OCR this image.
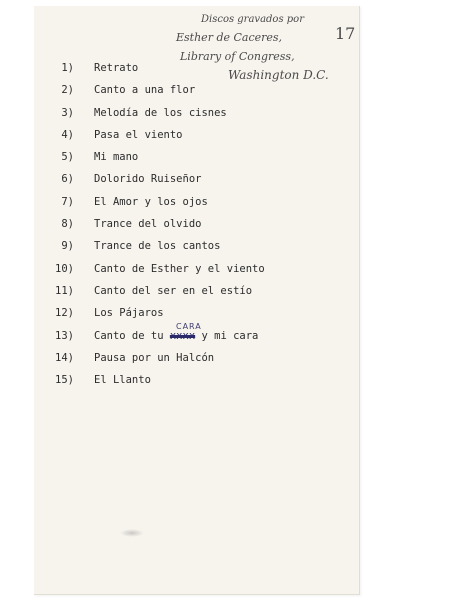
Discos gravados por
Esther de Caceres,
Library of Congress,
Washington D.C.
17
1) Retrato
2) Canto a una flor
3) Melodía de los cisnes
4) Pasa el viento
5) Mi mano
6) Dolorido Ruiseñor
7) El Amor y los ojos
8) Trance del olvido
9) Trance de los cantos
10) Canto de Esther y el viento
11) Canto del ser en el estío
12) Los Pájaros
13) Canto de tu xxxx y mi cara
CARA
14) Pausa por un Halcón
15) El Llanto
